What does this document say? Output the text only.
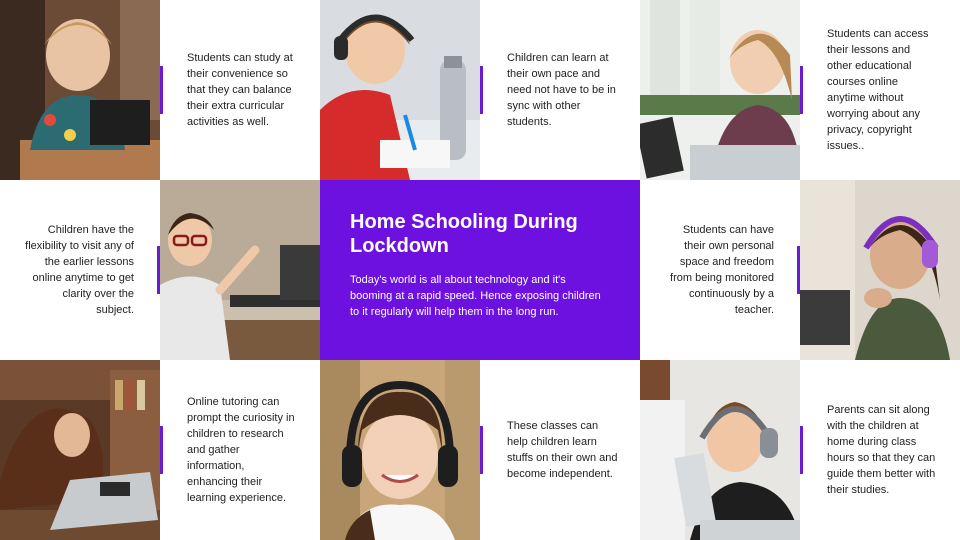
Students can study at their convenience so that they can balance their extra curricular activities as well.
Children can learn at their own pace and need not have to be in sync with other students.
Students can access their lessons and other educational courses online anytime without worrying about any privacy, copyright issues..
Children have the flexibility to visit any of the earlier lessons online anytime to get clarity over the subject.
Home Schooling During Lockdown

Today's world is all about technology and it's booming at a rapid speed. Hence exposing children to it regularly will help them in the long run.

Students can have their own personal space and freedom from being monitored continuously by a teacher.
Online tutoring can prompt the curiosity in children to research and gather information, enhancing their learning experience.
These classes can help children learn stuffs on their own and become independent.
Parents can sit along with the children at home during class hours so that they can guide them better with their studies.
